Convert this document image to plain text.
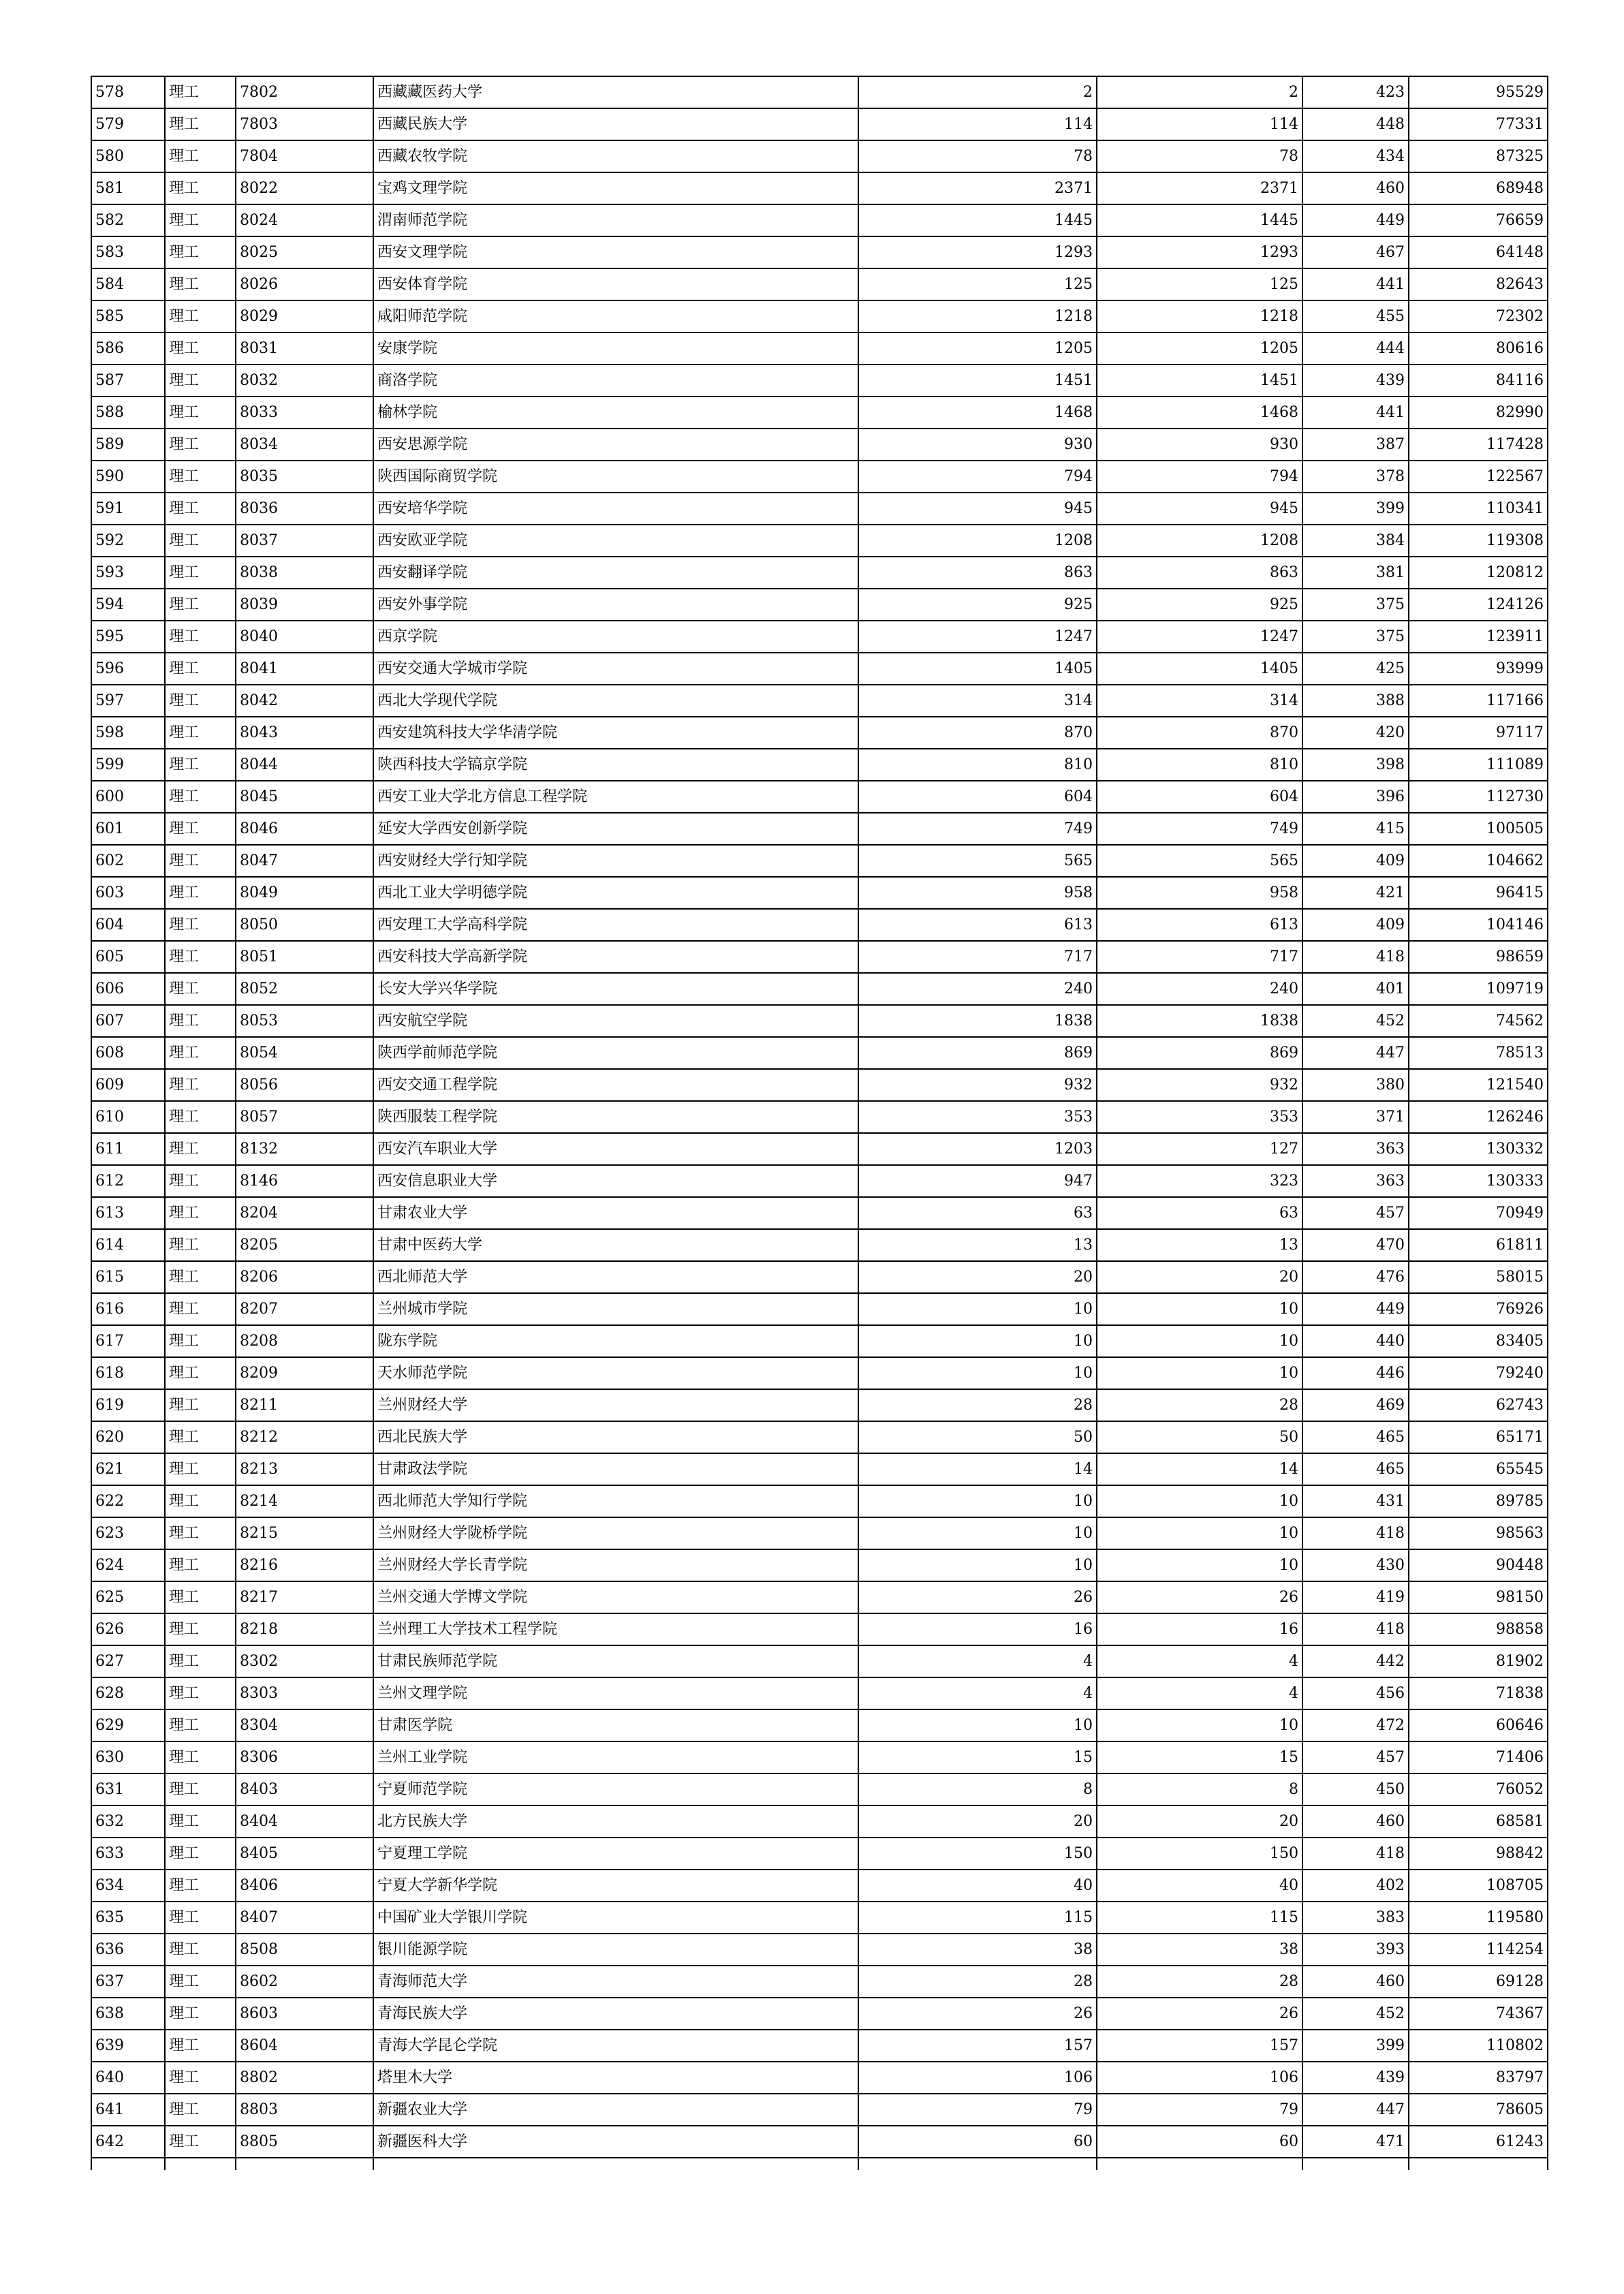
578	理工	7802	西藏藏医药大学	2	2	423	95529
579	理工	7803	西藏民族大学	114	114	448	77331
580	理工	7804	西藏农牧学院	78	78	434	87325
581	理工	8022	宝鸡文理学院	2371	2371	460	68948
582	理工	8024	渭南师范学院	1445	1445	449	76659
583	理工	8025	西安文理学院	1293	1293	467	64148
584	理工	8026	西安体育学院	125	125	441	82643
585	理工	8029	咸阳师范学院	1218	1218	455	72302
586	理工	8031	安康学院	1205	1205	444	80616
587	理工	8032	商洛学院	1451	1451	439	84116
588	理工	8033	榆林学院	1468	1468	441	82990
589	理工	8034	西安思源学院	930	930	387	117428
590	理工	8035	陕西国际商贸学院	794	794	378	122567
591	理工	8036	西安培华学院	945	945	399	110341
592	理工	8037	西安欧亚学院	1208	1208	384	119308
593	理工	8038	西安翻译学院	863	863	381	120812
594	理工	8039	西安外事学院	925	925	375	124126
595	理工	8040	西京学院	1247	1247	375	123911
596	理工	8041	西安交通大学城市学院	1405	1405	425	93999
597	理工	8042	西北大学现代学院	314	314	388	117166
598	理工	8043	西安建筑科技大学华清学院	870	870	420	97117
599	理工	8044	陕西科技大学镐京学院	810	810	398	111089
600	理工	8045	西安工业大学北方信息工程学院	604	604	396	112730
601	理工	8046	延安大学西安创新学院	749	749	415	100505
602	理工	8047	西安财经大学行知学院	565	565	409	104662
603	理工	8049	西北工业大学明德学院	958	958	421	96415
604	理工	8050	西安理工大学高科学院	613	613	409	104146
605	理工	8051	西安科技大学高新学院	717	717	418	98659
606	理工	8052	长安大学兴华学院	240	240	401	109719
607	理工	8053	西安航空学院	1838	1838	452	74562
608	理工	8054	陕西学前师范学院	869	869	447	78513
609	理工	8056	西安交通工程学院	932	932	380	121540
610	理工	8057	陕西服装工程学院	353	353	371	126246
611	理工	8132	西安汽车职业大学	1203	127	363	130332
612	理工	8146	西安信息职业大学	947	323	363	130333
613	理工	8204	甘肃农业大学	63	63	457	70949
614	理工	8205	甘肃中医药大学	13	13	470	61811
615	理工	8206	西北师范大学	20	20	476	58015
616	理工	8207	兰州城市学院	10	10	449	76926
617	理工	8208	陇东学院	10	10	440	83405
618	理工	8209	天水师范学院	10	10	446	79240
619	理工	8211	兰州财经大学	28	28	469	62743
620	理工	8212	西北民族大学	50	50	465	65171
621	理工	8213	甘肃政法学院	14	14	465	65545
622	理工	8214	西北师范大学知行学院	10	10	431	89785
623	理工	8215	兰州财经大学陇桥学院	10	10	418	98563
624	理工	8216	兰州财经大学长青学院	10	10	430	90448
625	理工	8217	兰州交通大学博文学院	26	26	419	98150
626	理工	8218	兰州理工大学技术工程学院	16	16	418	98858
627	理工	8302	甘肃民族师范学院	4	4	442	81902
628	理工	8303	兰州文理学院	4	4	456	71838
629	理工	8304	甘肃医学院	10	10	472	60646
630	理工	8306	兰州工业学院	15	15	457	71406
631	理工	8403	宁夏师范学院	8	8	450	76052
632	理工	8404	北方民族大学	20	20	460	68581
633	理工	8405	宁夏理工学院	150	150	418	98842
634	理工	8406	宁夏大学新华学院	40	40	402	108705
635	理工	8407	中国矿业大学银川学院	115	115	383	119580
636	理工	8508	银川能源学院	38	38	393	114254
637	理工	8602	青海师范大学	28	28	460	69128
638	理工	8603	青海民族大学	26	26	452	74367
639	理工	8604	青海大学昆仑学院	157	157	399	110802
640	理工	8802	塔里木大学	106	106	439	83797
641	理工	8803	新疆农业大学	79	79	447	78605
642	理工	8805	新疆医科大学	60	60	471	61243
